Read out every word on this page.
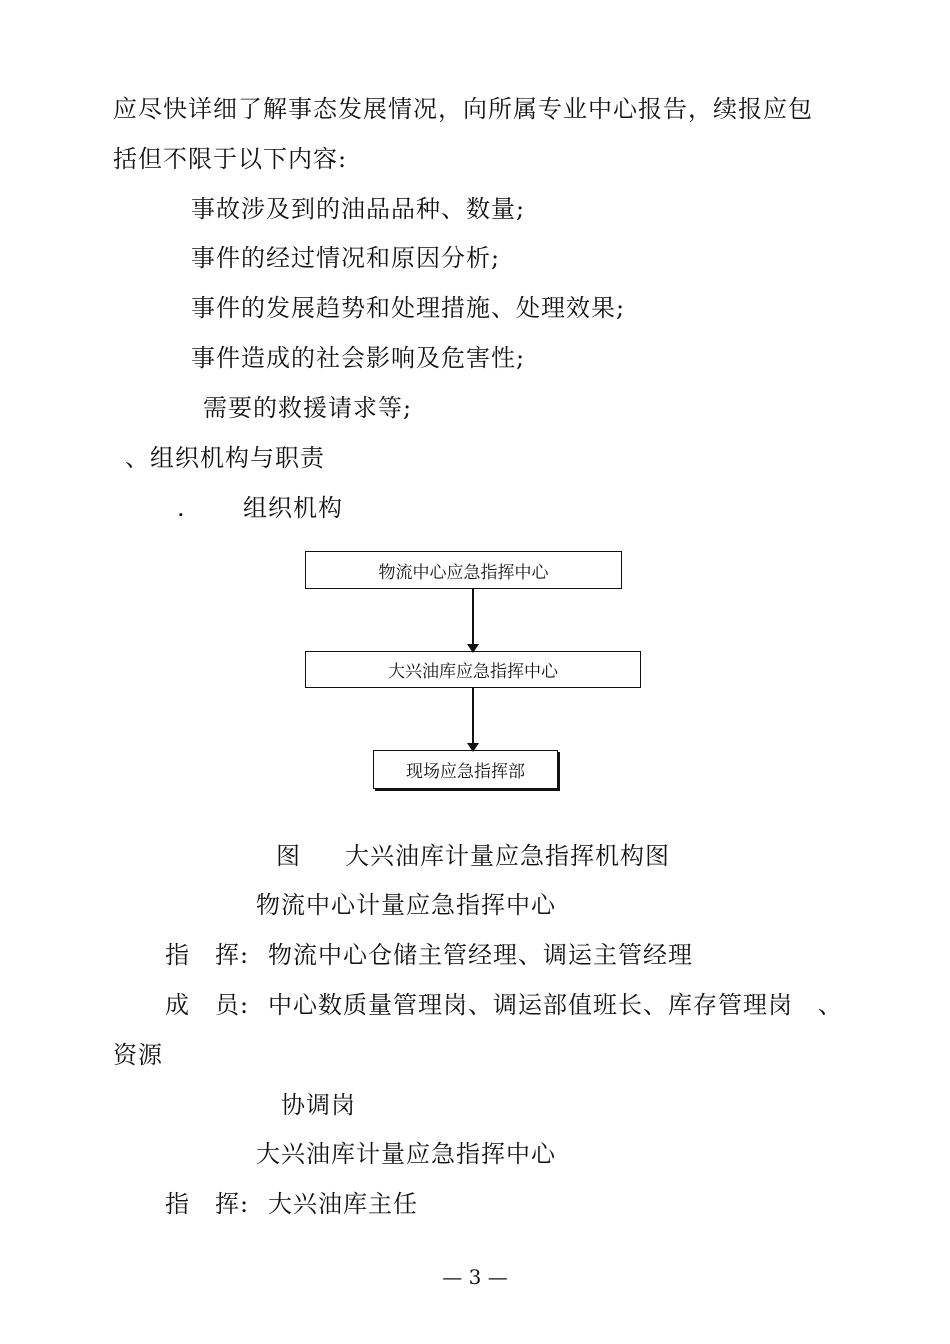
应尽快详细了解事态发展情况，向所属专业中心报告，续报应包
括但不限于以下内容:
事故涉及到的油品品种、数量;
事件的经过情况和原因分析;
事件的发展趋势和处理措施、处理效果;
事件造成的社会影响及危害性;
需要的救援请求等;
、组织机构与职责
. 组织机构
物流中心应急指挥中心
大兴油库应急指挥中心
现场应急指挥部
图 大兴油库计量应急指挥机构图
物流中心计量应急指挥中心
指　挥: 物流中心仓储主管经理、调运主管经理
成　员: 中心数质量管理岗、调运部值班长、库存管理岗　、
资源
协调岗
大兴油库计量应急指挥中心
指　挥: 大兴油库主任
— 3 —
